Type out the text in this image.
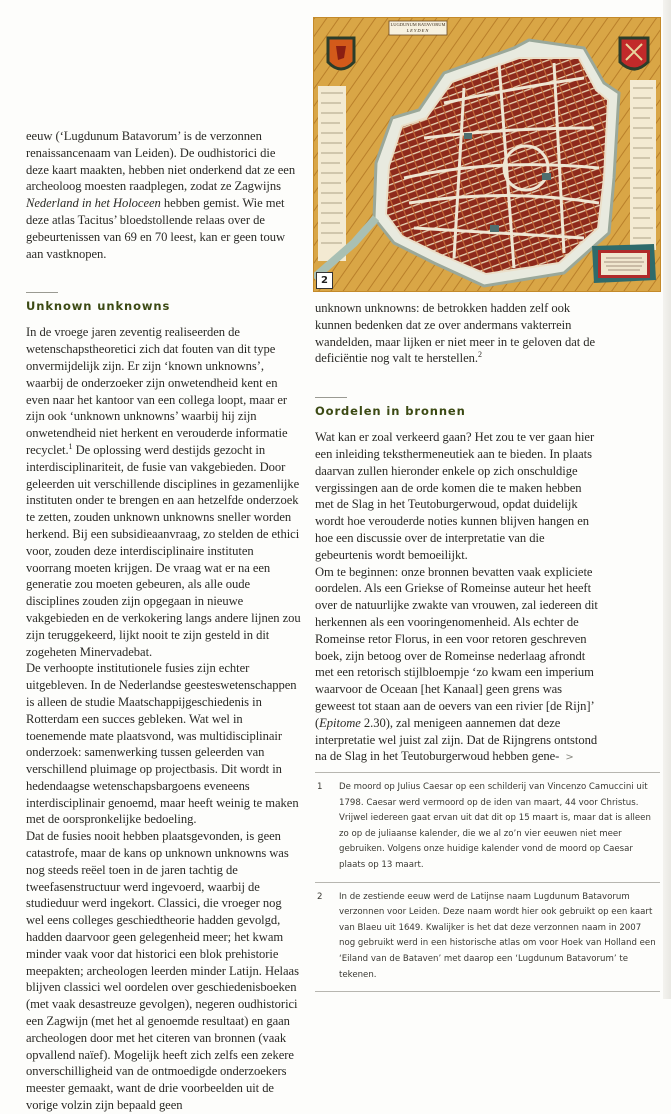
LUGDUNUM BATAVORUM
LEYDEN
2

eeuw (‘Lugdunum Batavorum’ is de verzonnen renaissancenaam van Leiden). De oudhistorici die deze kaart maakten, hebben niet onderkend dat ze een archeoloog moesten raadplegen, zodat ze Zagwijns Nederland in het Holoceen hebben gemist. Wie met deze atlas Tacitus’ bloedstollende relaas over de gebeurtenissen van 69 en 70 leest, kan er geen touw aan vastknopen.

Unknown unknowns

In de vroege jaren zeventig realiseerden de wetenschapstheoretici zich dat fouten van dit type onvermijdelijk zijn. Er zijn ‘known unknowns’, waarbij de onderzoeker zijn onwetendheid kent en even naar het kantoor van een collega loopt, maar er zijn ook ‘unknown unknowns’ waarbij hij zijn onwetendheid niet herkent en verouderde informatie recyclet.$^1$ De oplossing werd destijds gezocht in interdisciplinariteit, de fusie van vakgebieden. Door geleerden uit verschillende disciplines in gezamenlijke instituten onder te brengen en aan hetzelfde onderzoek te zetten, zouden unknown unknowns sneller worden herkend. Bij een subsidieaanvraag, zo stelden de ethici voor, zouden deze interdisciplinaire instituten voorrang moeten krijgen. De vraag wat er na een generatie zou moeten gebeuren, als alle oude disciplines zouden zijn opgegaan in nieuwe vakgebieden en de verkokering langs andere lijnen zou zijn teruggekeerd, lijkt nooit te zijn gesteld in dit zogeheten Minervadebat.

De verhoopte institutionele fusies zijn echter uitgebleven. In de Nederlandse geesteswetenschappen is alleen de studie Maatschappijgeschiedenis in Rotterdam een succes gebleken. Wat wel in toenemende mate plaatsvond, was multidisciplinair onderzoek: samenwerking tussen geleerden van verschillend pluimage op projectbasis. Dit wordt in hedendaagse wetenschapsbargoens eveneens interdisciplinair genoemd, maar heeft weinig te maken met de oorspronkelijke bedoeling.

Dat de fusies nooit hebben plaatsgevonden, is geen catastrofe, maar de kans op unknown unknowns was nog steeds reëel toen in de jaren tachtig de tweefasenstructuur werd ingevoerd, waarbij de studieduur werd ingekort. Classici, die vroeger nog wel eens colleges geschiedtheorie hadden gevolgd, hadden daarvoor geen gelegenheid meer; het kwam minder vaak voor dat historici een blok prehistorie meepakten; archeologen leerden minder Latijn. Helaas blijven classici wel oordelen over geschiedenisboeken (met vaak desastreuze gevolgen), negeren oudhistorici een Zagwijn (met het al genoemde resultaat) en gaan archeologen door met het citeren van bronnen (vaak opvallend naïef). Mogelijk heeft zich zelfs een zekere onverschilligheid van de ontmoedigde onderzoekers meester gemaakt, want de drie voorbeelden uit de vorige volzin zijn bepaald geen

unknown unknowns: de betrokken hadden zelf ook kunnen bedenken dat ze over andermans vakterrein wandelden, maar lijken er niet meer in te geloven dat de deficiëntie nog valt te herstellen.$^2$

Oordelen in bronnen

Wat kan er zoal verkeerd gaan? Het zou te ver gaan hier een inleiding teksthermeneutiek aan te bieden. In plaats daarvan zullen hieronder enkele op zich onschuldige vergissingen aan de orde komen die te maken hebben met de Slag in het Teutoburgerwoud, opdat duidelijk wordt hoe verouderde noties kunnen blijven hangen en hoe een discussie over de interpretatie van die gebeurtenis wordt bemoeilijkt.

Om te beginnen: onze bronnen bevatten vaak expliciete oordelen. Als een Griekse of Romeinse auteur het heeft over de natuurlijke zwakte van vrouwen, zal iedereen dit herkennen als een vooringenomenheid. Als echter de Romeinse retor Florus, in een voor retoren geschreven boek, zijn betoog over de Romeinse nederlaag afrondt met een retorisch stijlbloempje ‘zo kwam een imperium waarvoor de Oceaan [het Kanaal] geen grens was geweest tot staan aan de oevers van een rivier [de Rijn]’ (Epitome 2.30), zal menigeen aannemen dat deze interpretatie wel juist zal zijn. Dat de Rijngrens ontstond na de Slag in het Teutoburgerwoud hebben gene- >

1	De moord op Julius Caesar op een schilderij van Vincenzo Camuccini uit 1798. Caesar werd vermoord op de iden van maart, 44 voor Christus. Vrijwel iedereen gaat ervan uit dat dit op 15 maart is, maar dat is alleen zo op de juliaanse kalender, die we al zo’n vier eeuwen niet meer gebruiken. Volgens onze huidige kalender vond de moord op Caesar plaats op 13 maart.
2	In de zestiende eeuw werd de Latijnse naam Lugdunum Batavorum verzonnen voor Leiden. Deze naam wordt hier ook gebruikt op een kaart van Blaeu uit 1649. Kwalijker is het dat deze verzonnen naam in 2007 nog gebruikt werd in een historische atlas om voor Hoek van Holland een ‘Eiland van de Bataven’ met daarop een ‘Lugdunum Batavorum’ te tekenen.
